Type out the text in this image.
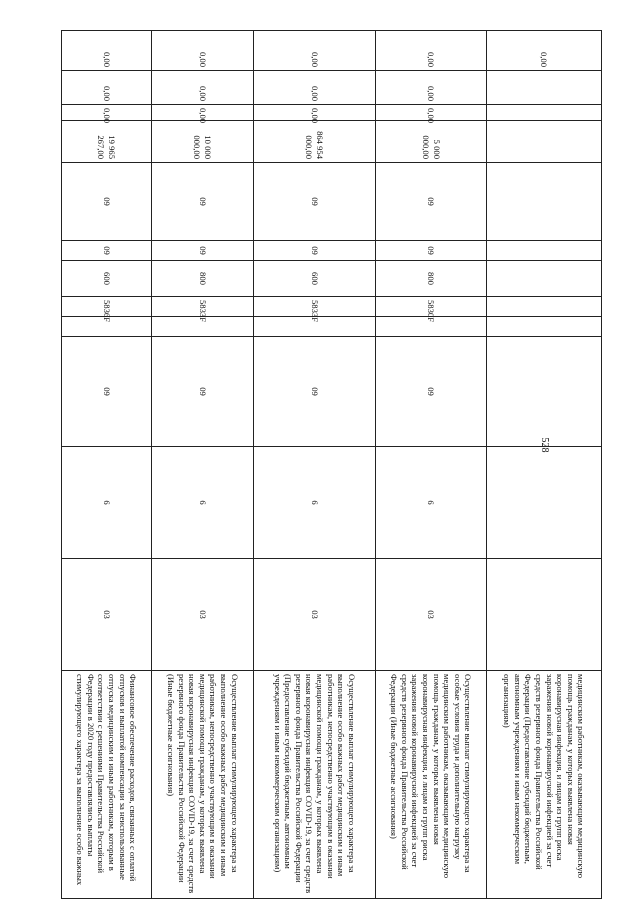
528
0,00												медицинским работникам, оказывающим медицинскую помощь гражданам, у которых выявлена новая коронавирусная инфекция, и лицам из групп риска заражения новой коронавирусной инфекцией за счет средств резервного фонда Правительства Российской Федерации (Предоставление субсидий бюджетным, автономным учреждениям и иным некоммерческим организациям)
0,00	0,00	0,00	5 000 000,00	09	09	800	5830F		09	6	03	Осуществление выплат стимулирующего характера за особые условия труда и дополнительную нагрузку медицинским работникам, оказывающим медицинскую помощь гражданам, у которых выявлена новая коронавирусная инфекция, и лицам из групп риска заражения новой коронавирусной инфекцией за счет средств резервного фонда Правительства Российской Федерации (Иные бюджетные ассигнования)
0,00	0,00	0,00	864 954 000,00	09	09	600	5833F		09	6	03	Осуществление выплат стимулирующего характера за выполнение особо важных работ медицинским и иным работникам, непосредственно участвующим в оказании медицинской помощи гражданам, у которых выявлена новая коронавирусная инфекция COVID-19, за счет средств резервного фонда Правительства Российской Федерации (Предоставление субсидий бюджетным, автономным учреждениям и иным некоммерческим организациям)
0,00	0,00	0,00	10 000 000,00	09	09	800	5833F		09	6	03	Осуществление выплат стимулирующего характера за выполнение особо важных работ медицинским и иным работникам, непосредственно участвующим в оказании медицинской помощи гражданам, у которых выявлена новая коронавирусная инфекция COVID-19, за счет средств резервного фонда Правительства Российской Федерации (Иные бюджетные ассигнования)
0,00	0,00	0,00	19 965 267,00	09	09	600	5836F		09	6	03	Финансовое обеспечение расходов, связанных с оплатой отпусков и выплатой компенсации за неиспользованные отпуска медицинским и иным работникам, которым в соответствии с решениями Правительства Российской Федерации в 2020 году предоставлялись выплаты стимулирующего характера за выполнение особо важных
